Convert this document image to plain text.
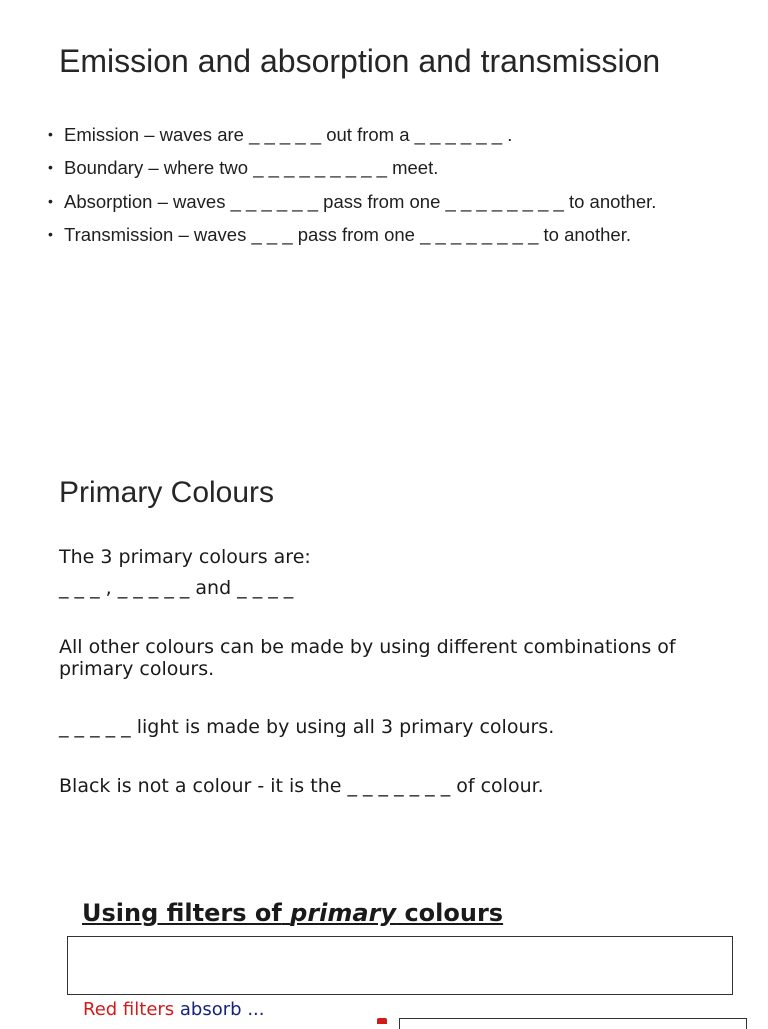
Emission and absorption and transmission
• Emission – waves are _ _ _ _ _ out from a _ _ _ _ _ _ .
• Boundary – where two _ _ _ _ _ _ _ _ _ meet.
• Absorption – waves _ _ _ _ _ _ pass from one _ _ _ _ _ _ _ _ to another.
• Transmission – waves _ _ _ pass from one _ _ _ _ _ _ _ _ to another.
Primary Colours
The 3 primary colours are:
_ _ _ , _ _ _ _ _ and _ _ _ _
All other colours can be made by using different combinations of primary colours.
_ _ _ _ _ light is made by using all 3 primary colours.
Black is not a colour - it is the _ _ _ _ _ _ _ of colour.
Using filters of primary colours
Red filters absorb ...
